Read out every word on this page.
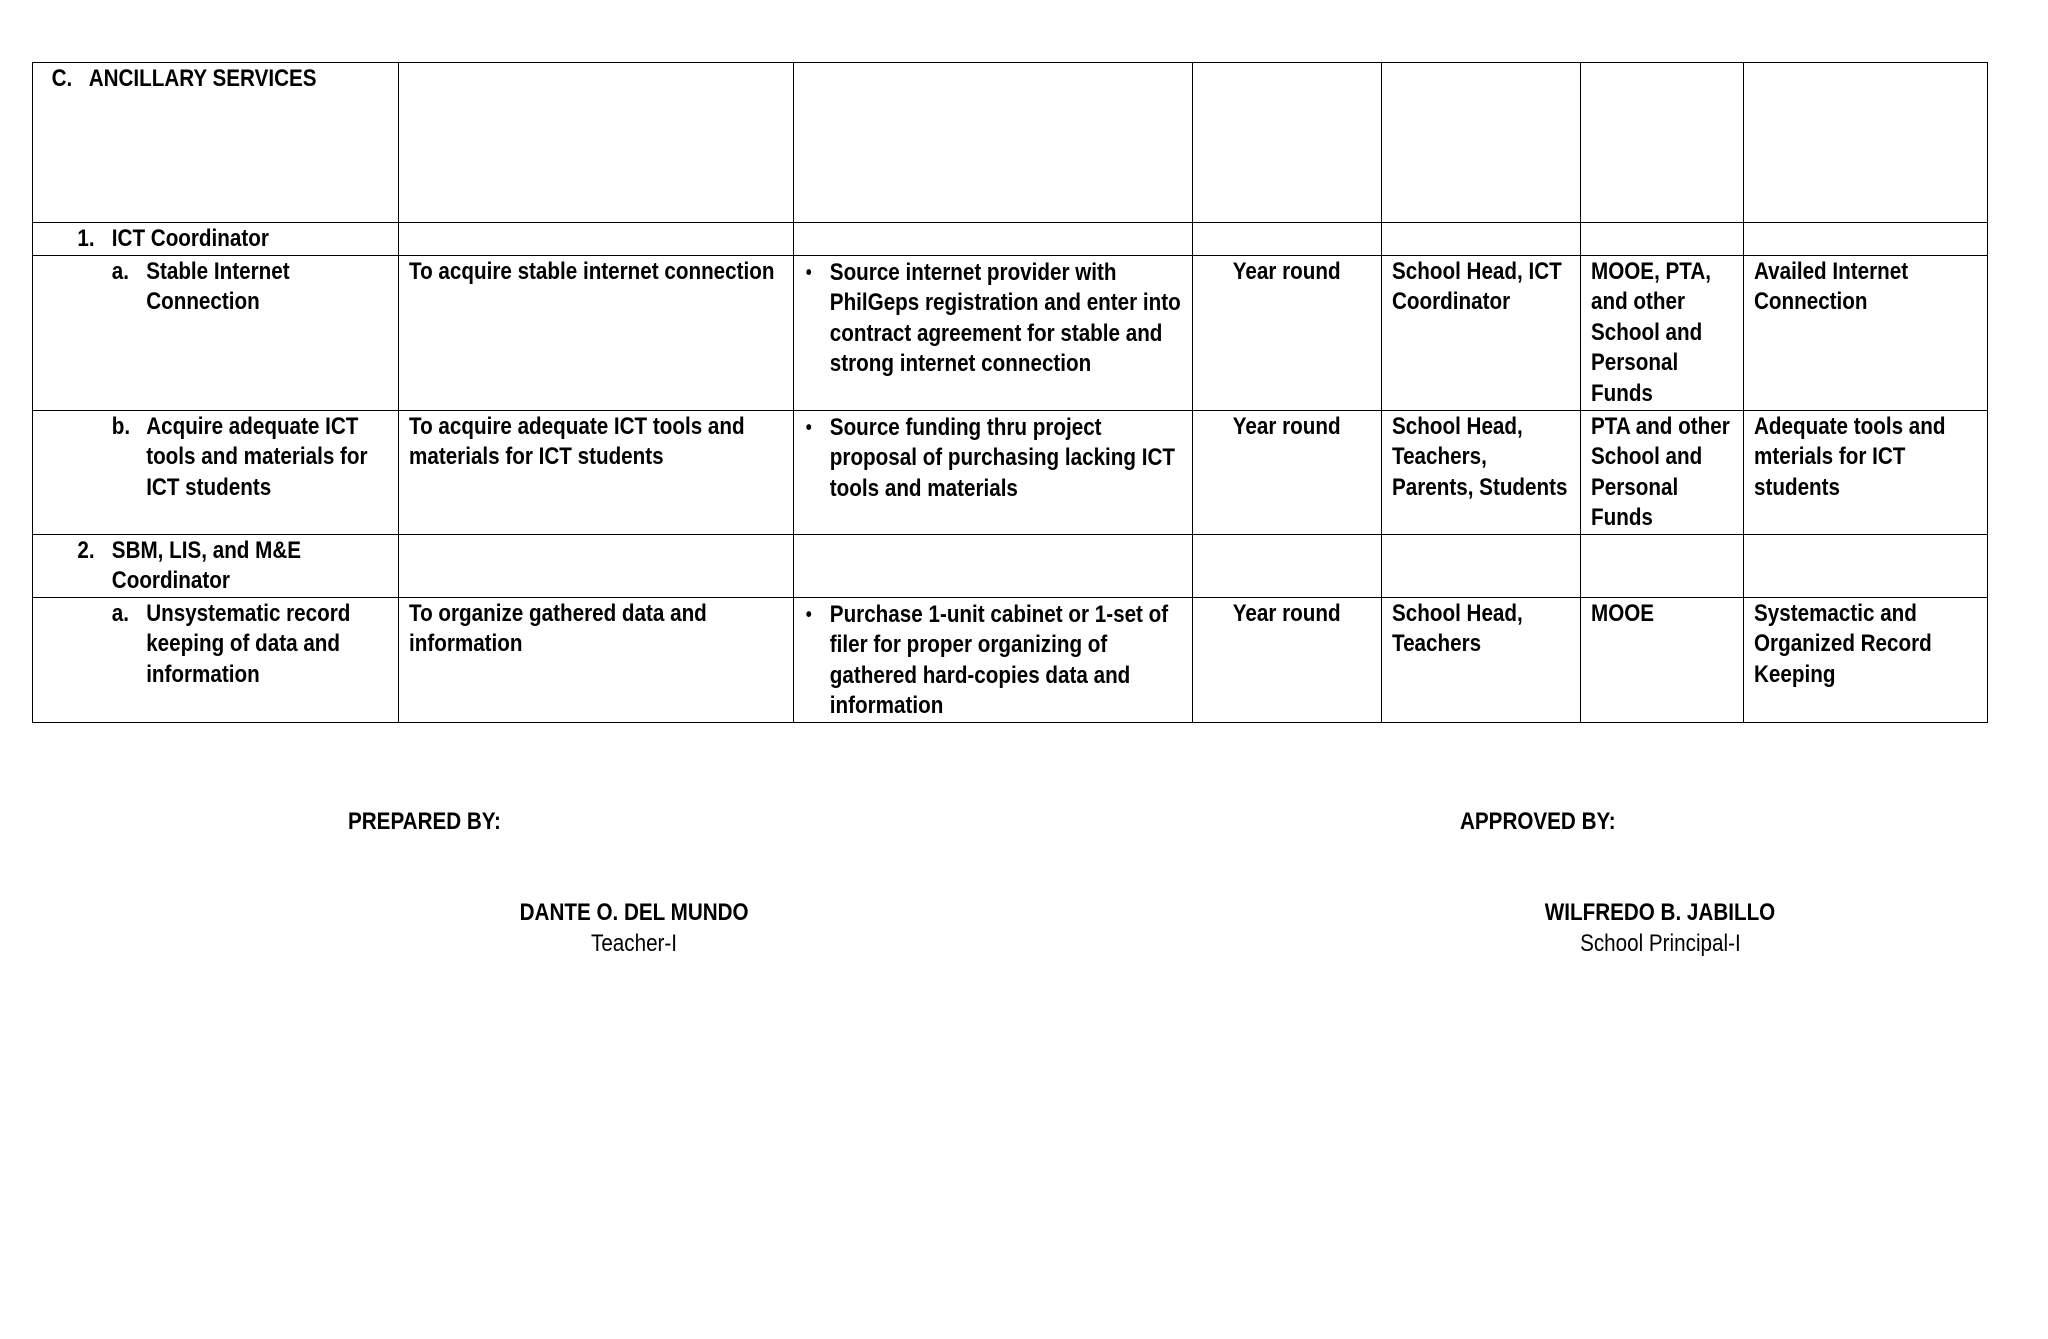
C. ANCILLARY SERVICES						

1. ICT Coordinator						

a. Stable Internet Connection	To acquire stable internet connection	• Source internet provider with PhilGeps registration and enter into contract agreement for stable and strong internet connection	Year round	School Head, ICT Coordinator	MOOE, PTA, and other School and Personal Funds	Availed Internet Connection

b. Acquire adequate ICT tools and materials for ICT students	To acquire adequate ICT tools and materials for ICT students	• Source funding thru project proposal of purchasing lacking ICT tools and materials	Year round	School Head, Teachers, Parents, Students	PTA and other School and Personal Funds	Adequate tools and mterials for ICT students

2. SBM, LIS, and M&E Coordinator						

a. Unsystematic record keeping of data and information	To organize gathered data and information	• Purchase 1-unit cabinet or 1-set of filer for proper organizing of gathered hard-copies data and information	Year round	School Head, Teachers	MOOE	Systemactic and Organized Record Keeping
PREPARED BY:	APPROVED BY:
DANTE O. DEL MUNDO
Teacher-I
WILFREDO B. JABILLO
School Principal-I
